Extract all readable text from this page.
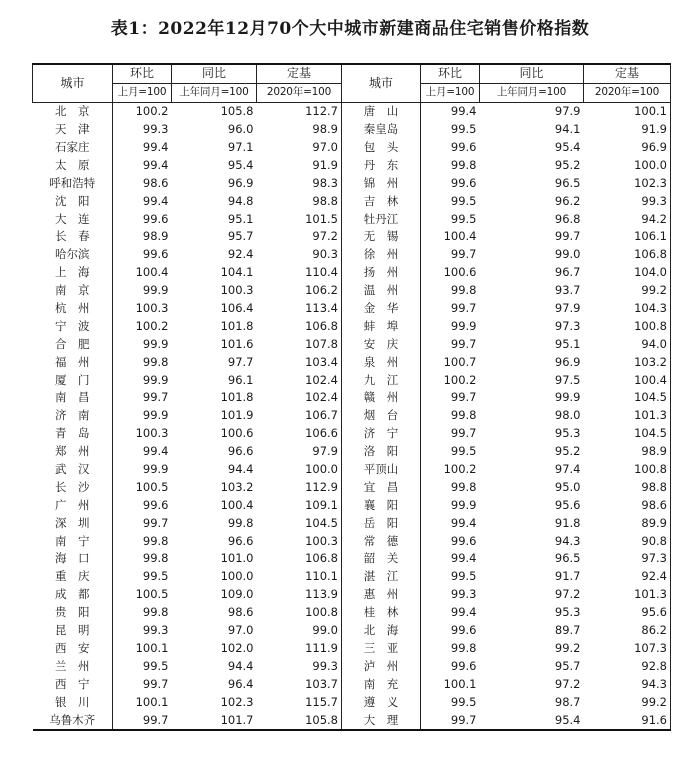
表1：2022年12月70个大中城市新建商品住宅销售价格指数
城市	环比	同比	定基	城市	环比	同比	定基
	上月=100	上年同月=100	2020年=100		上月=100	上年同月=100	2020年=100
北　京	100.2	105.8	112.7	唐　山	99.4	97.9	100.1
天　津	99.3	96.0	98.9	秦皇岛	99.5	94.1	91.9
石家庄	99.4	97.1	97.0	包　头	99.6	95.4	96.9
太　原	99.4	95.4	91.9	丹　东	99.8	95.2	100.0
呼和浩特	98.6	96.9	98.3	锦　州	99.6	96.5	102.3
沈　阳	99.4	94.8	98.8	吉　林	99.5	96.2	99.3
大　连	99.6	95.1	101.5	牡丹江	99.5	96.8	94.2
长　春	98.9	95.7	97.2	无　锡	100.4	99.7	106.1
哈尔滨	99.6	92.4	90.3	徐　州	99.7	99.0	106.8
上　海	100.4	104.1	110.4	扬　州	100.6	96.7	104.0
南　京	99.9	100.3	106.2	温　州	99.8	93.7	99.2
杭　州	100.3	106.4	113.4	金　华	99.7	97.9	104.3
宁　波	100.2	101.8	106.8	蚌　埠	99.9	97.3	100.8
合　肥	99.9	101.6	107.8	安　庆	99.7	95.1	94.0
福　州	99.8	97.7	103.4	泉　州	100.7	96.9	103.2
厦　门	99.9	96.1	102.4	九　江	100.2	97.5	100.4
南　昌	99.7	101.8	102.4	赣　州	99.7	99.9	104.5
济　南	99.9	101.9	106.7	烟　台	99.8	98.0	101.3
青　岛	100.3	100.6	106.6	济　宁	99.7	95.3	104.5
郑　州	99.4	96.6	97.9	洛　阳	99.5	95.2	98.9
武　汉	99.9	94.4	100.0	平顶山	100.2	97.4	100.8
长　沙	100.5	103.2	112.9	宜　昌	99.8	95.0	98.8
广　州	99.6	100.4	109.1	襄　阳	99.9	95.6	98.6
深　圳	99.7	99.8	104.5	岳　阳	99.4	91.8	89.9
南　宁	99.8	96.6	100.3	常　德	99.6	94.3	90.8
海　口	99.8	101.0	106.8	韶　关	99.4	96.5	97.3
重　庆	99.5	100.0	110.1	湛　江	99.5	91.7	92.4
成　都	100.5	109.0	113.9	惠　州	99.3	97.2	101.3
贵　阳	99.8	98.6	100.8	桂　林	99.4	95.3	95.6
昆　明	99.3	97.0	99.0	北　海	99.6	89.7	86.2
西　安	100.1	102.0	111.9	三　亚	99.8	99.2	107.3
兰　州	99.5	94.4	99.3	泸　州	99.6	95.7	92.8
西　宁	99.7	96.4	103.7	南　充	100.1	97.2	94.3
银　川	100.1	102.3	115.7	遵　义	99.5	98.7	99.2
乌鲁木齐	99.7	101.7	105.8	大　理	99.7	95.4	91.6
